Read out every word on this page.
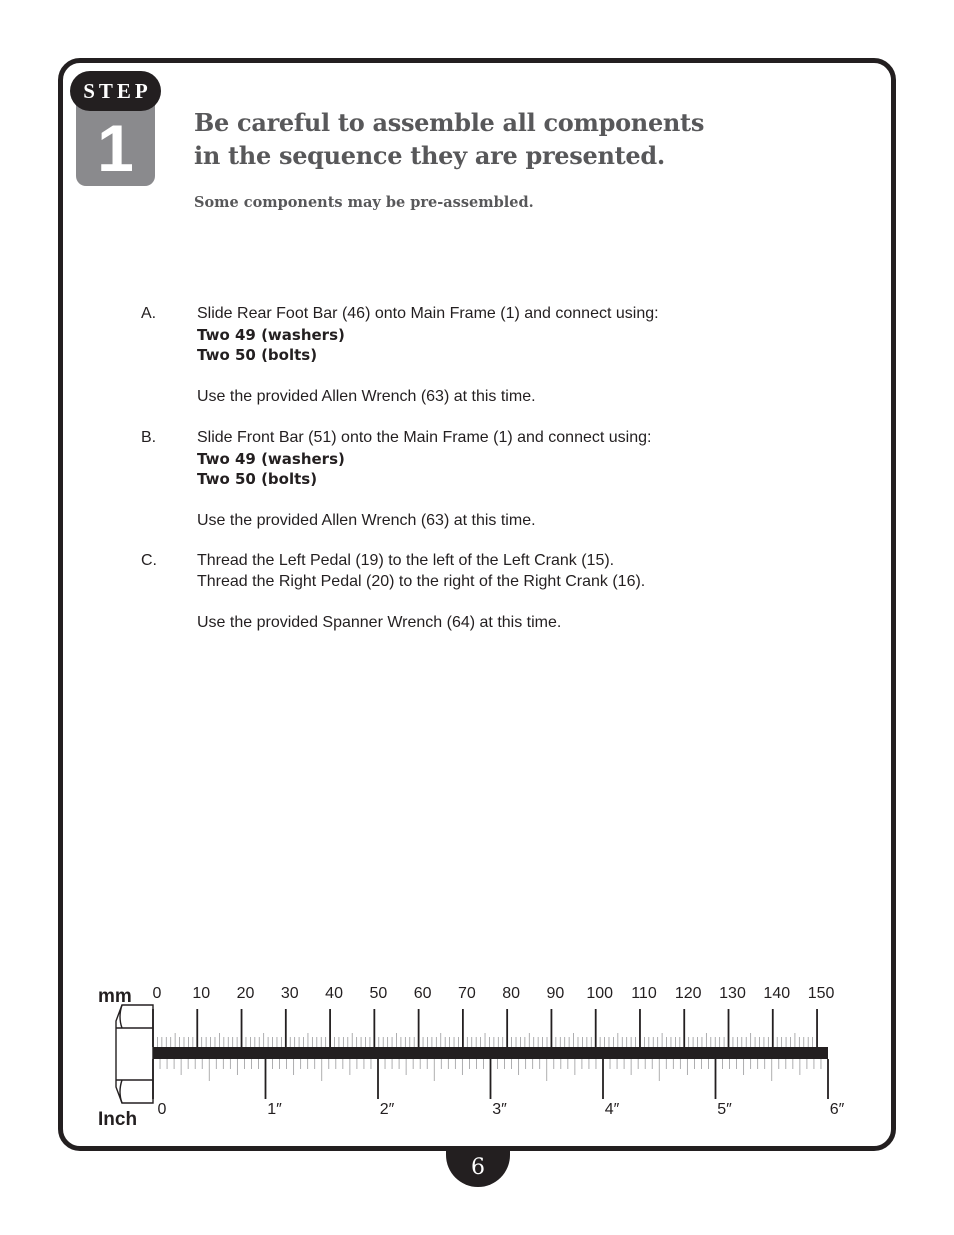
1
STEP
Be careful to assemble all components
in the sequence they are presented.
Some components may be pre-assembled.
A.	Slide Rear Foot Bar (46) onto Main Frame (1) and connect using:
Two 49 (washers)
Two 50 (bolts)
Use the provided Allen Wrench (63) at this time.
B.	Slide Front Bar (51) onto the Main Frame (1) and connect using:
Two 49 (washers)
Two 50 (bolts)
Use the provided Allen Wrench (63) at this time.
C.	Thread the Left Pedal (19) to the left of the Left Crank (15).
Thread the Right Pedal (20) to the right of the Right Crank (16).
Use the provided Spanner Wrench (64) at this time.
mm
Inch
0 10 20 30 40 50 60 70 80 90 100 110 120 130 140 150
0	1″	2″	3″	4″	5″	6″
6
